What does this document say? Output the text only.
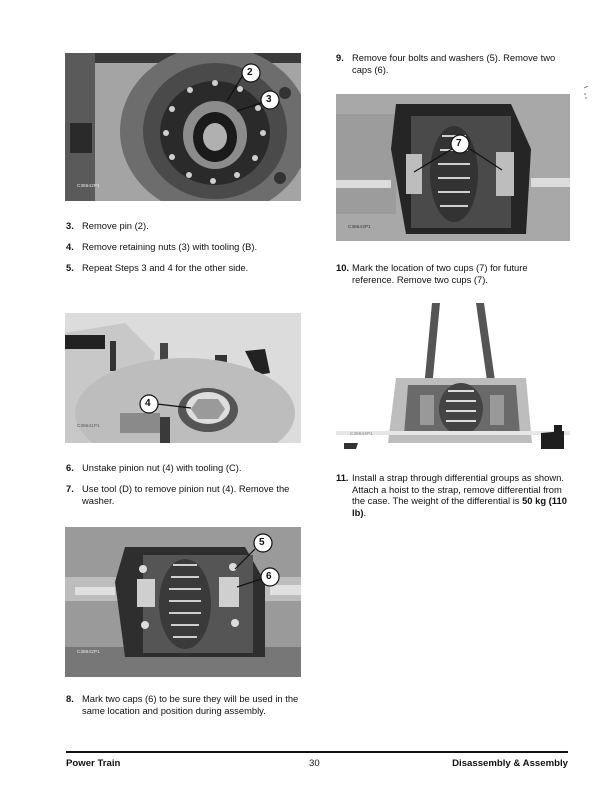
2
3
C38642P1
3. Remove pin (2).
4. Remove retaining nuts (3) with tooling (B).
5. Repeat Steps 3 and 4 for the other side.
4
C38641P1
6. Unstake pinion nut (4) with tooling (C).
7. Use tool (D) to remove pinion nut (4). Remove the washer.
5
6
C38642P1
8. Mark two caps (6) to be sure they will be used in the same location and position during assembly.
9. Remove four bolts and washers (5). Remove two caps (6).
7
C38643P1
10. Mark the location of two cups (7) for future reference. Remove two cups (7).
C38644P1
11. Install a strap through differential groups as shown. Attach a hoist to the strap, remove differential from the case. The weight of the differential is 50 kg (110 lb).
Power Train	30	Disassembly & Assembly
